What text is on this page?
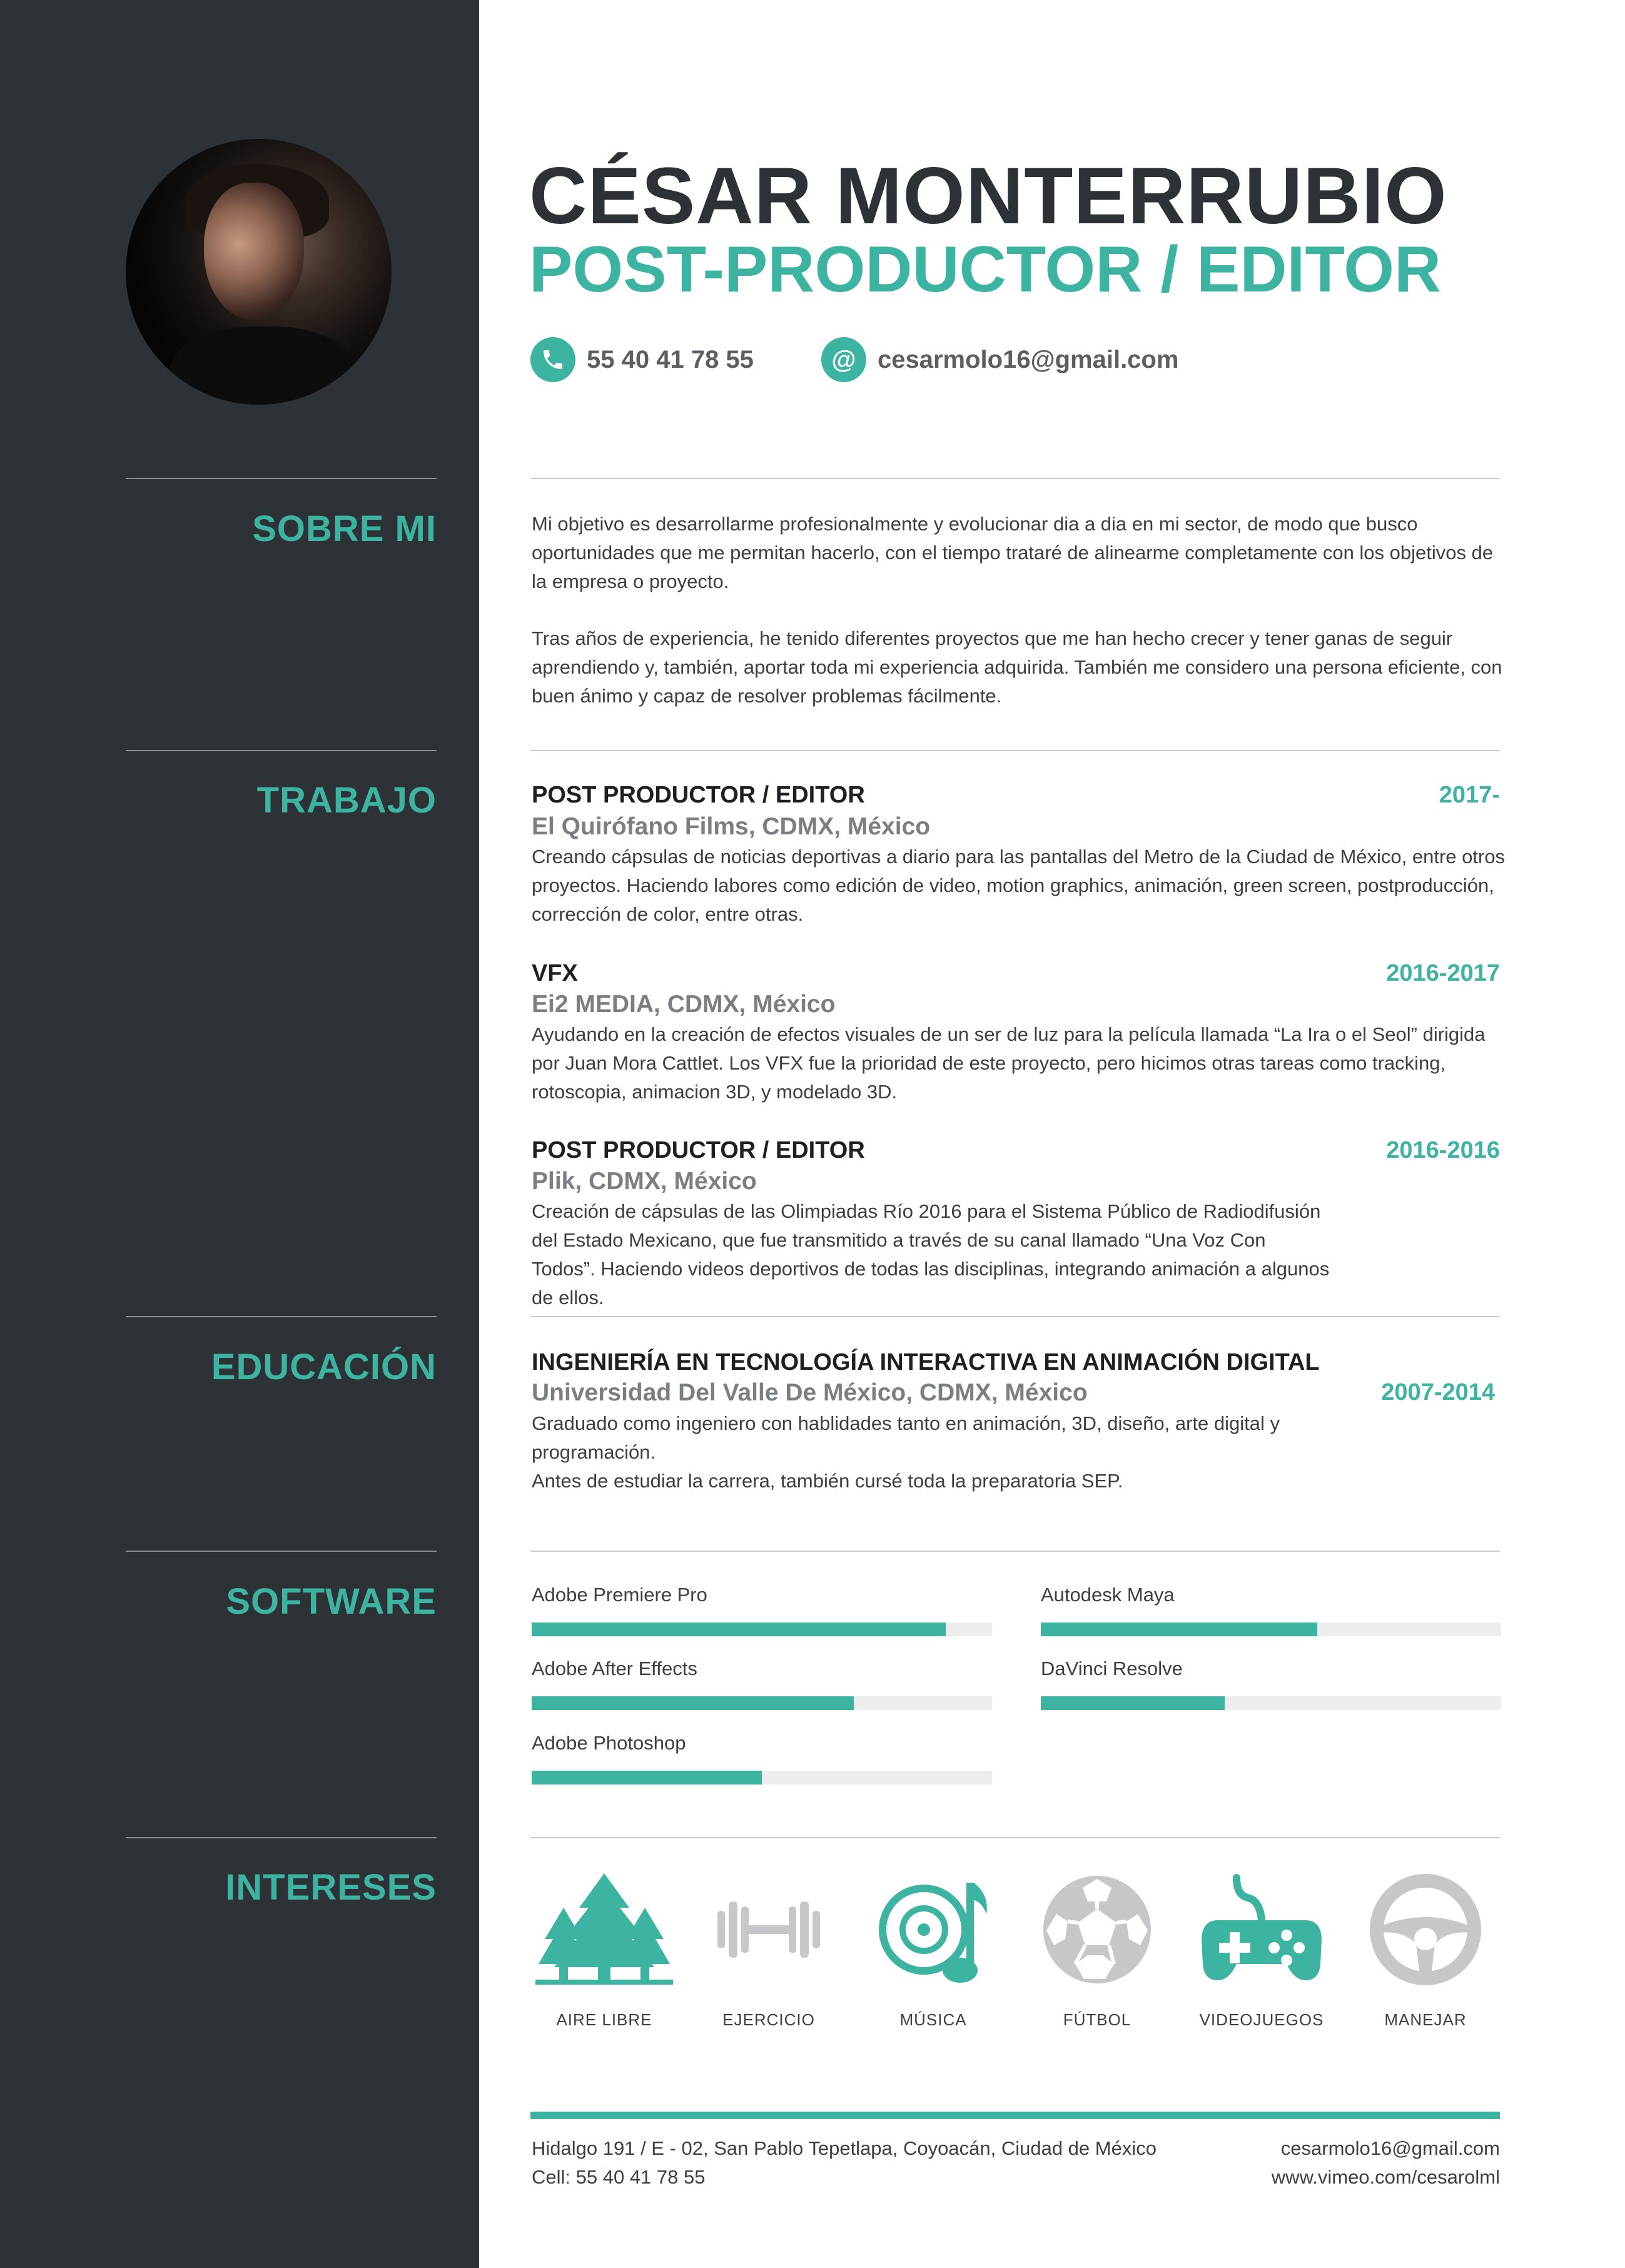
SOBRE MI
TRABAJO
EDUCACIÓN
SOFTWARE
INTERESES
CÉSAR MONTERRUBIO
POST-PRODUCTOR / EDITOR
55 40 41 78 55	@ cesarmolo16@gmail.com
Mi objetivo es desarrollarme profesionalmente y evolucionar dia a dia en mi sector, de modo que busco oportunidades que me permitan hacerlo, con el tiempo trataré de alinearme completamente con los objetivos de la empresa o proyecto.
Tras años de experiencia, he tenido diferentes proyectos que me han hecho crecer y tener ganas de seguir aprendiendo y, también, aportar toda mi experiencia adquirida. También me considero una persona eficiente, con buen ánimo y capaz de resolver problemas fácilmente.
POST PRODUCTOR / EDITOR	2017-
El Quirófano Films, CDMX, México
Creando cápsulas de noticias deportivas a diario para las pantallas del Metro de la Ciudad de México, entre otros proyectos. Haciendo labores como edición de video, motion graphics, animación, green screen, postproducción, corrección de color, entre otras.
VFX	2016-2017
Ei2 MEDIA, CDMX, México
Ayudando en la creación de efectos visuales de un ser de luz para la película llamada “La Ira o el Seol” dirigida por Juan Mora Cattlet. Los VFX fue la prioridad de este proyecto, pero hicimos otras tareas como tracking, rotoscopia, animacion 3D, y modelado 3D.
POST PRODUCTOR / EDITOR	2016-2016
Plik, CDMX, México
Creación de cápsulas de las Olimpiadas Río 2016 para el Sistema Público de Radiodifusión del Estado Mexicano, que fue transmitido a través de su canal llamado “Una Voz Con Todos”. Haciendo videos deportivos de todas las disciplinas, integrando animación a algunos de ellos.
INGENIERÍA EN TECNOLOGÍA INTERACTIVA EN ANIMACIÓN DIGITAL
Universidad Del Valle De México, CDMX, México	2007-2014
Graduado como ingeniero con hablidades tanto en animación, 3D, diseño, arte digital y programación.
Antes de estudiar la carrera, también cursé toda la preparatoria SEP.
Adobe Premiere Pro	Autodesk Maya
Adobe After Effects	DaVinci Resolve
Adobe Photoshop
AIRE LIBRE	EJERCICIO	MÚSICA	FÚTBOL	VIDEOJUEGOS	MANEJAR
Hidalgo 191 / E - 02, San Pablo Tepetlapa, Coyoacán, Ciudad de México
Cell: 55 40 41 78 55
cesarmolo16@gmail.com
www.vimeo.com/cesarolml
